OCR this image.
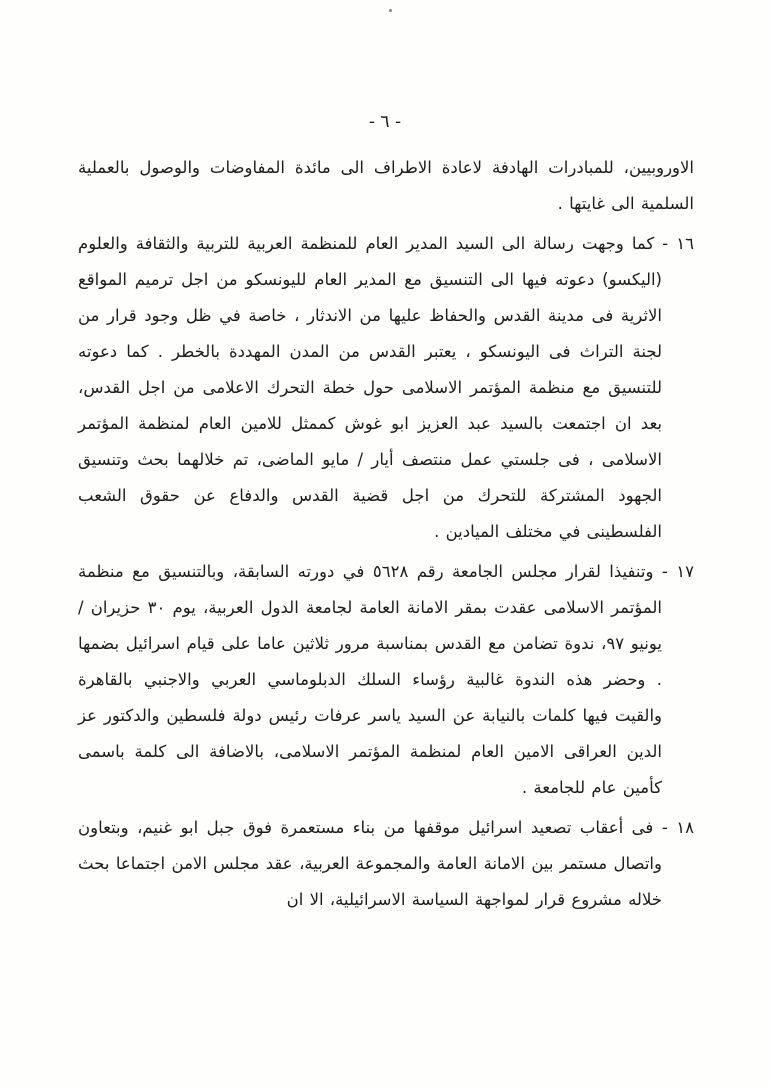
- ٦ -

الاوروبيين، للمبادرات الهادفة لاعادة الاطراف الى مائدة المفاوضات والوصول بالعملية السلمية الى غايتها .

١٦ - كما وجهت رسالة الى السيد المدير العام للمنظمة العربية للتربية والثقافة والعلوم (اليكسو) دعوته فيها الى التنسيق مع المدير العام لليونسكو من اجل ترميم المواقع الاثرية فى مدينة القدس والحفاظ عليها من الاندثار ، خاصة في ظل وجود قرار من لجنة التراث فى اليونسكو ، يعتبر القدس من المدن المهددة بالخطر . كما دعوته للتنسيق مع منظمة المؤتمر الاسلامى حول خطة التحرك الاعلامى من اجل القدس، بعد ان اجتمعت بالسيد عبد العزيز ابو غوش كممثل للامين العام لمنظمة المؤتمر الاسلامى ، فى جلستي عمل منتصف أيار / مايو الماضى، تم خلالهما بحث وتنسيق الجهود المشتركة للتحرك من اجل قضية القدس والدفاع عن حقوق الشعب الفلسطينى في مختلف الميادين .

١٧ - وتنفيذا لقرار مجلس الجامعة رقم ٥٦٢٨ في دورته السابقة، وبالتنسيق مع منظمة المؤتمر الاسلامى عقدت بمقر الامانة العامة لجامعة الدول العربية، يوم ٣٠ حزيران / يونيو ٩٧، ندوة تضامن مع القدس بمناسبة مرور ثلاثين عاما على قيام اسرائيل بضمها . وحضر هذه الندوة غالبية رؤساء السلك الدبلوماسي العربي والاجنبي بالقاهرة والقيت فيها كلمات بالنيابة عن السيد ياسر عرفات رئيس دولة فلسطين والدكتور عز الدين العراقى الامين العام لمنظمة المؤتمر الاسلامى، بالاضافة الى كلمة باسمى كأمين عام للجامعة .

١٨ - فى أعقاب تصعيد اسرائيل موقفها من بناء مستعمرة فوق جبل ابو غنيم، وبتعاون واتصال مستمر بين الامانة العامة والمجموعة العربية، عقد مجلس الامن اجتماعا بحث خلاله مشروع قرار لمواجهة السياسة الاسرائيلية، الا ان
